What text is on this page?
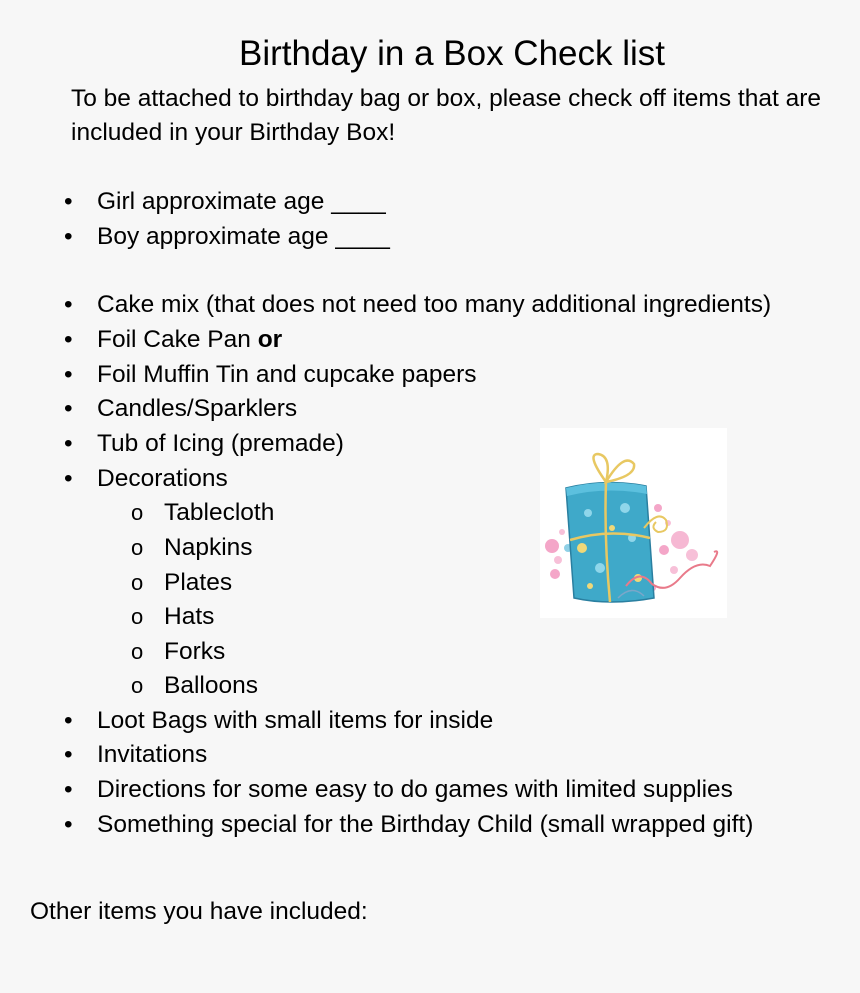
Birthday in a Box Check list
To be attached to birthday bag or box, please check off items that are included in your Birthday Box!
• Girl approximate age ____
• Boy approximate age ____
• Cake mix (that does not need too many additional ingredients)
• Foil Cake Pan or
• Foil Muffin Tin and cupcake papers
• Candles/Sparklers
• Tub of Icing (premade)
• Decorations
o Tablecloth
o Napkins
o Plates
o Hats
o Forks
o Balloons
• Loot Bags with small items for inside
• Invitations
• Directions for some easy to do games with limited supplies
• Something special for the Birthday Child (small wrapped gift)
Other items you have included:
